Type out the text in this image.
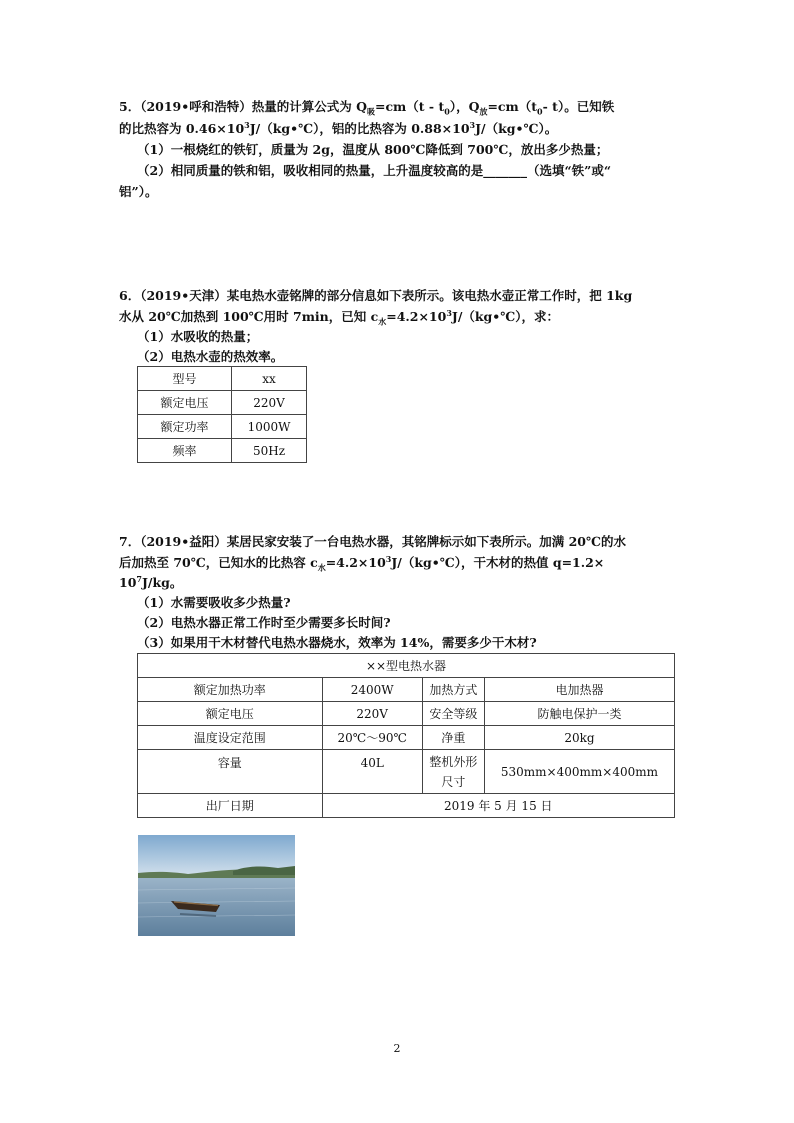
5．（2019•呼和浩特）热量的计算公式为 $Q_吸=cm(t - t_0)$，$Q_放=cm(t_0-$ t）。已知铁
的比热容为 $0.46\times 10^3J/(kg•℃)$，铝的比热容为 $0.88\times 10^3J/(kg•℃)$。
（1）一根烧红的铁钉，质量为 2g，温度从 800℃降低到 700℃，放出多少热量；
（2）相同质量的铁和铝，吸收相同的热量，上升温度较高的是_______（选填“铁”或“
铝”）。
6．（2019•天津）某电热水壶铭牌的部分信息如下表所示。该电热水壶正常工作时，把 1kg
水从 20℃加热到 100℃用时 7min，已知 $c_水=4.2\times 10^3J/(kg•℃)$，求：
（1）水吸收的热量；
（2）电热水壶的热效率。
型号	xx
额定电压	220V
额定功率	1000W
频率	50Hz
7．（2019•益阳）某居民家安装了一台电热水器，其铭牌标示如下表所示。加满 20℃的水
后加热至 70℃，已知水的比热容 $c_水=4.2\times 10^3J/(kg•℃)$，干木材的热值 q=1.2×
$10^7J/kg$。
（1）水需要吸收多少热量?
（2）电热水器正常工作时至少需要多长时间?
（3）如果用干木材替代电热水器烧水，效率为 14%，需要多少干木材?
××型电热水器			
额定加热功率	2400W	加热方式	电加热器
额定电压	220V	安全等级	防触电保护一类
温度设定范围	20℃～90℃	净重	20kg
容量	40L	整机外形尺寸	530mm×400mm×400mm
出厂日期	2019 年 5 月 15 日		
2
